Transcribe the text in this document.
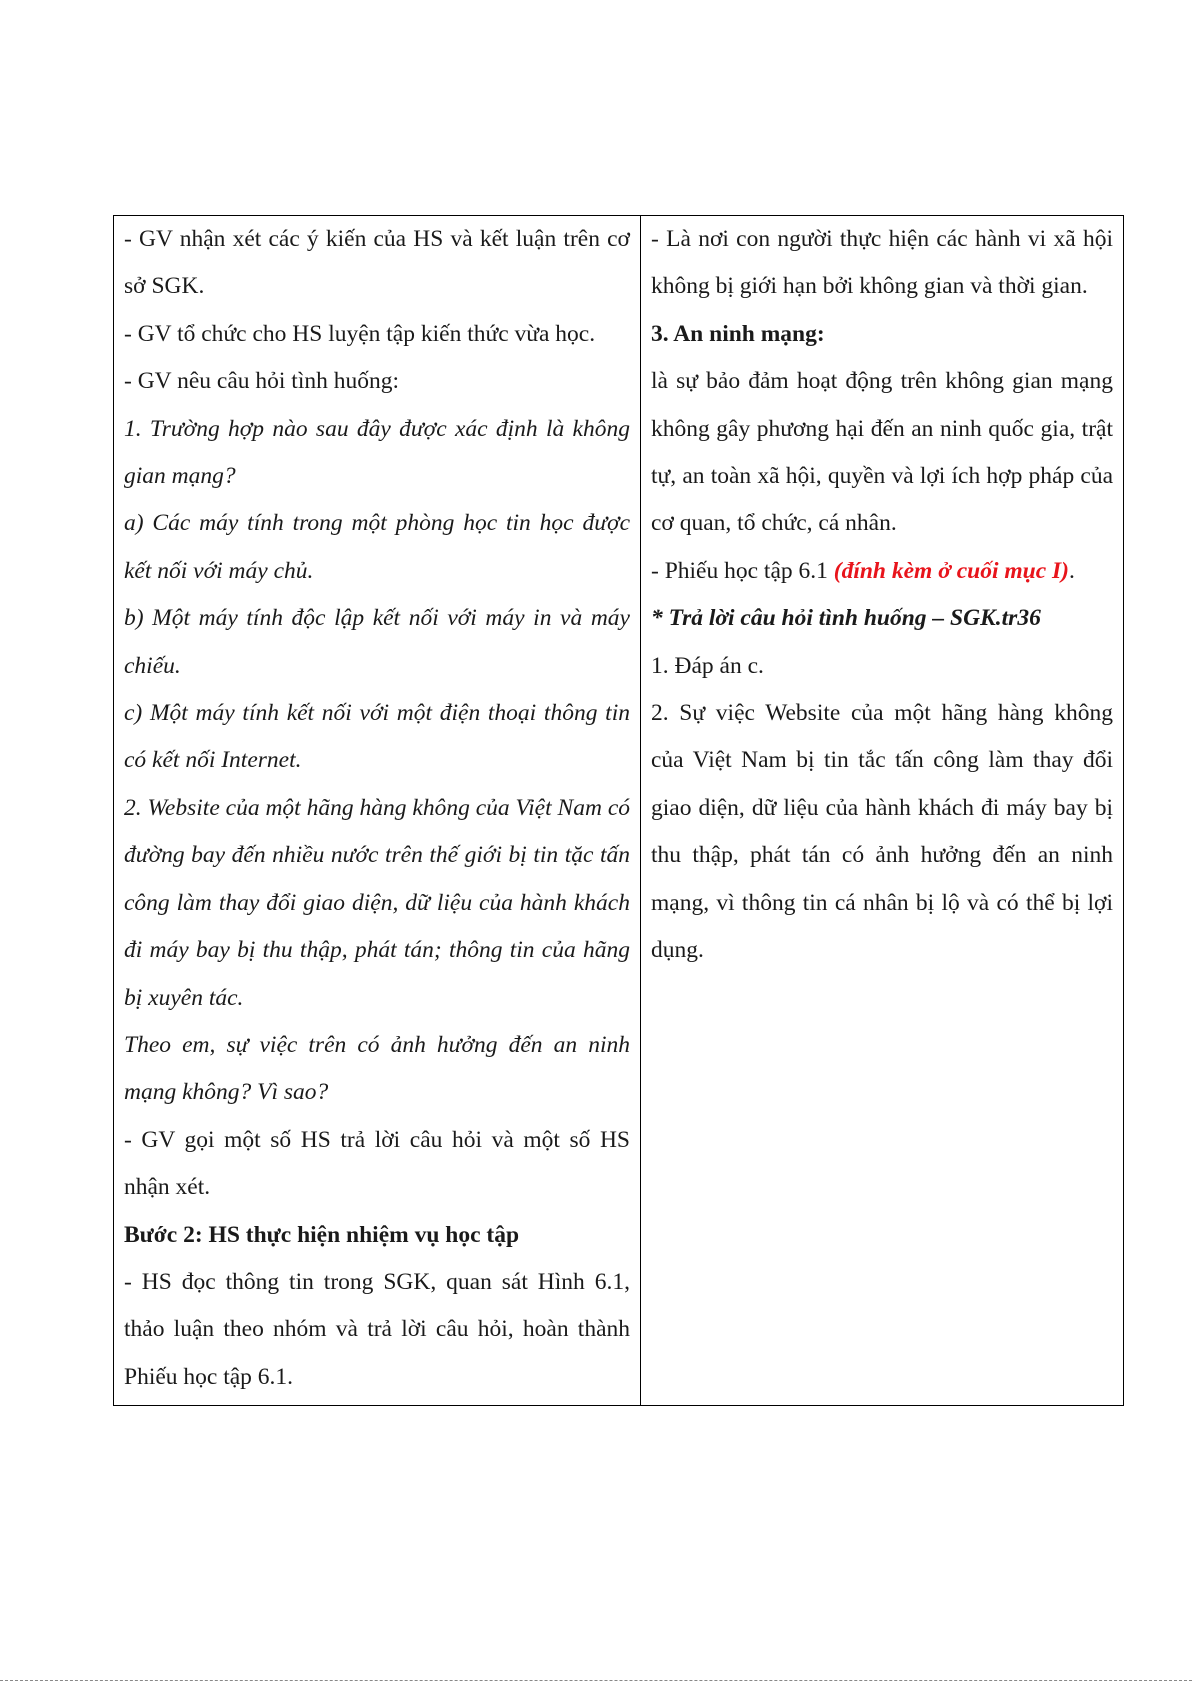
- GV nhận xét các ý kiến của HS và kết luận trên cơ sở SGK.
- GV tổ chức cho HS luyện tập kiến thức vừa học.
- GV nêu câu hỏi tình huống:
1. Trường hợp nào sau đây được xác định là không gian mạng?
a) Các máy tính trong một phòng học tin học được kết nối với máy chủ.
b) Một máy tính độc lập kết nối với máy in và máy chiếu.
c) Một máy tính kết nối với một điện thoại thông tin có kết nối Internet.
2. Website của một hãng hàng không của Việt Nam có đường bay đến nhiều nước trên thế giới bị tin tặc tấn công làm thay đổi giao diện, dữ liệu của hành khách đi máy bay bị thu thập, phát tán; thông tin của hãng bị xuyên tác.
Theo em, sự việc trên có ảnh hưởng đến an ninh mạng không? Vì sao?
- GV gọi một số HS trả lời câu hỏi và một số HS nhận xét.
Bước 2: HS thực hiện nhiệm vụ học tập
- HS đọc thông tin trong SGK, quan sát Hình 6.1, thảo luận theo nhóm và trả lời câu hỏi, hoàn thành Phiếu học tập 6.1.

- Là nơi con người thực hiện các hành vi xã hội không bị giới hạn bởi không gian và thời gian.
3. An ninh mạng:
là sự bảo đảm hoạt động trên không gian mạng không gây phương hại đến an ninh quốc gia, trật tự, an toàn xã hội, quyền và lợi ích hợp pháp của cơ quan, tổ chức, cá nhân.
- Phiếu học tập 6.1 (đính kèm ở cuối mục I).
* Trả lời câu hỏi tình huống – SGK.tr36
1. Đáp án c.
2. Sự việc Website của một hãng hàng không của Việt Nam bị tin tắc tấn công làm thay đổi giao diện, dữ liệu của hành khách đi máy bay bị thu thập, phát tán có ảnh hưởng đến an ninh mạng, vì thông tin cá nhân bị lộ và có thể bị lợi dụng.
